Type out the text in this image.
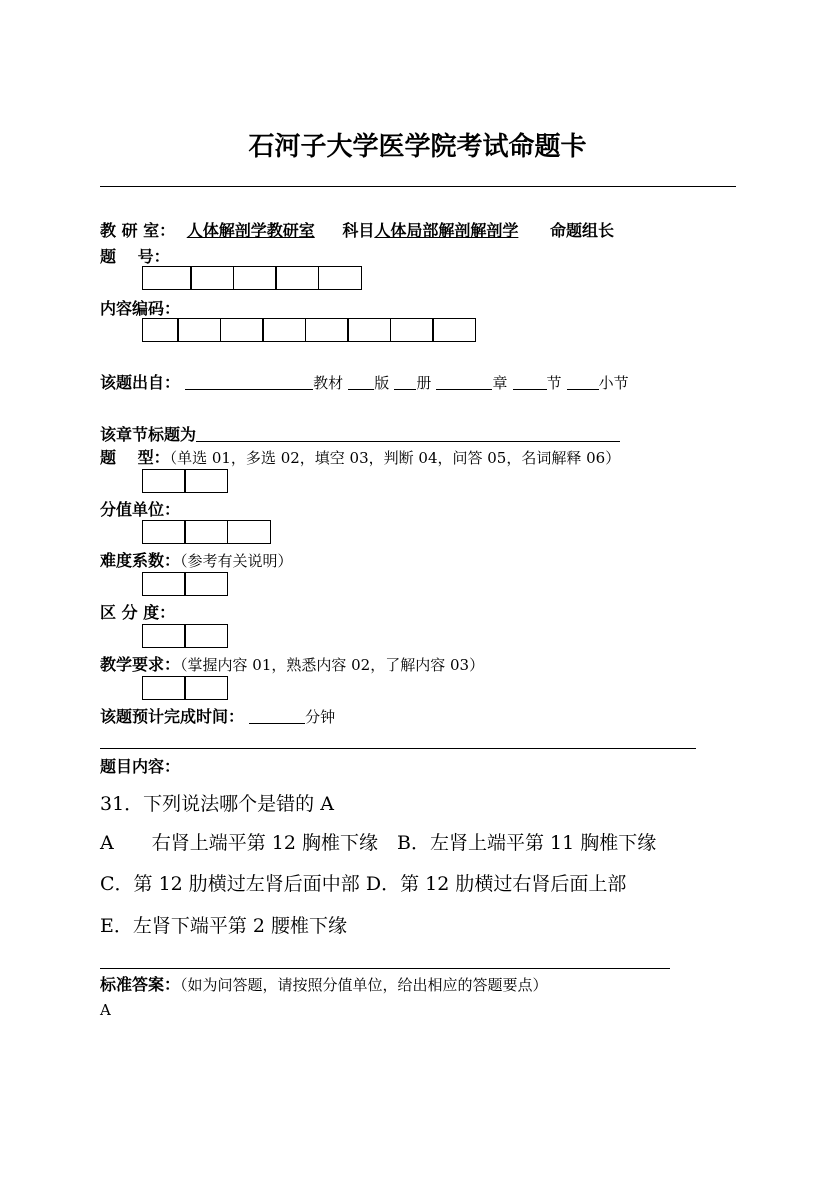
石河子大学医学院考试命题卡
教 研 室： 人体解剖学教研室 科目人体局部解剖解剖学 命题组长
题　 号：
内容编码：
该题出自：	教材 版 册	章	节 小节
该章节标题为
题　 型：（单选 01，多选 02，填空 03，判断 04，问答 05，名词解释 06）
分值单位：
难度系数：（参考有关说明）
区 分 度：
教学要求：（掌握内容 01，熟悉内容 02，了解内容 03）
该题预计完成时间：	分钟
题目内容：
31．下列说法哪个是错的 A
A　　右肾上端平第 12 胸椎下缘　B．左肾上端平第 11 胸椎下缘
C．第 12 肋横过左肾后面中部 D．第 12 肋横过右肾后面上部
E．左肾下端平第 2 腰椎下缘
标准答案：（如为问答题，请按照分值单位，给出相应的答题要点）
A
